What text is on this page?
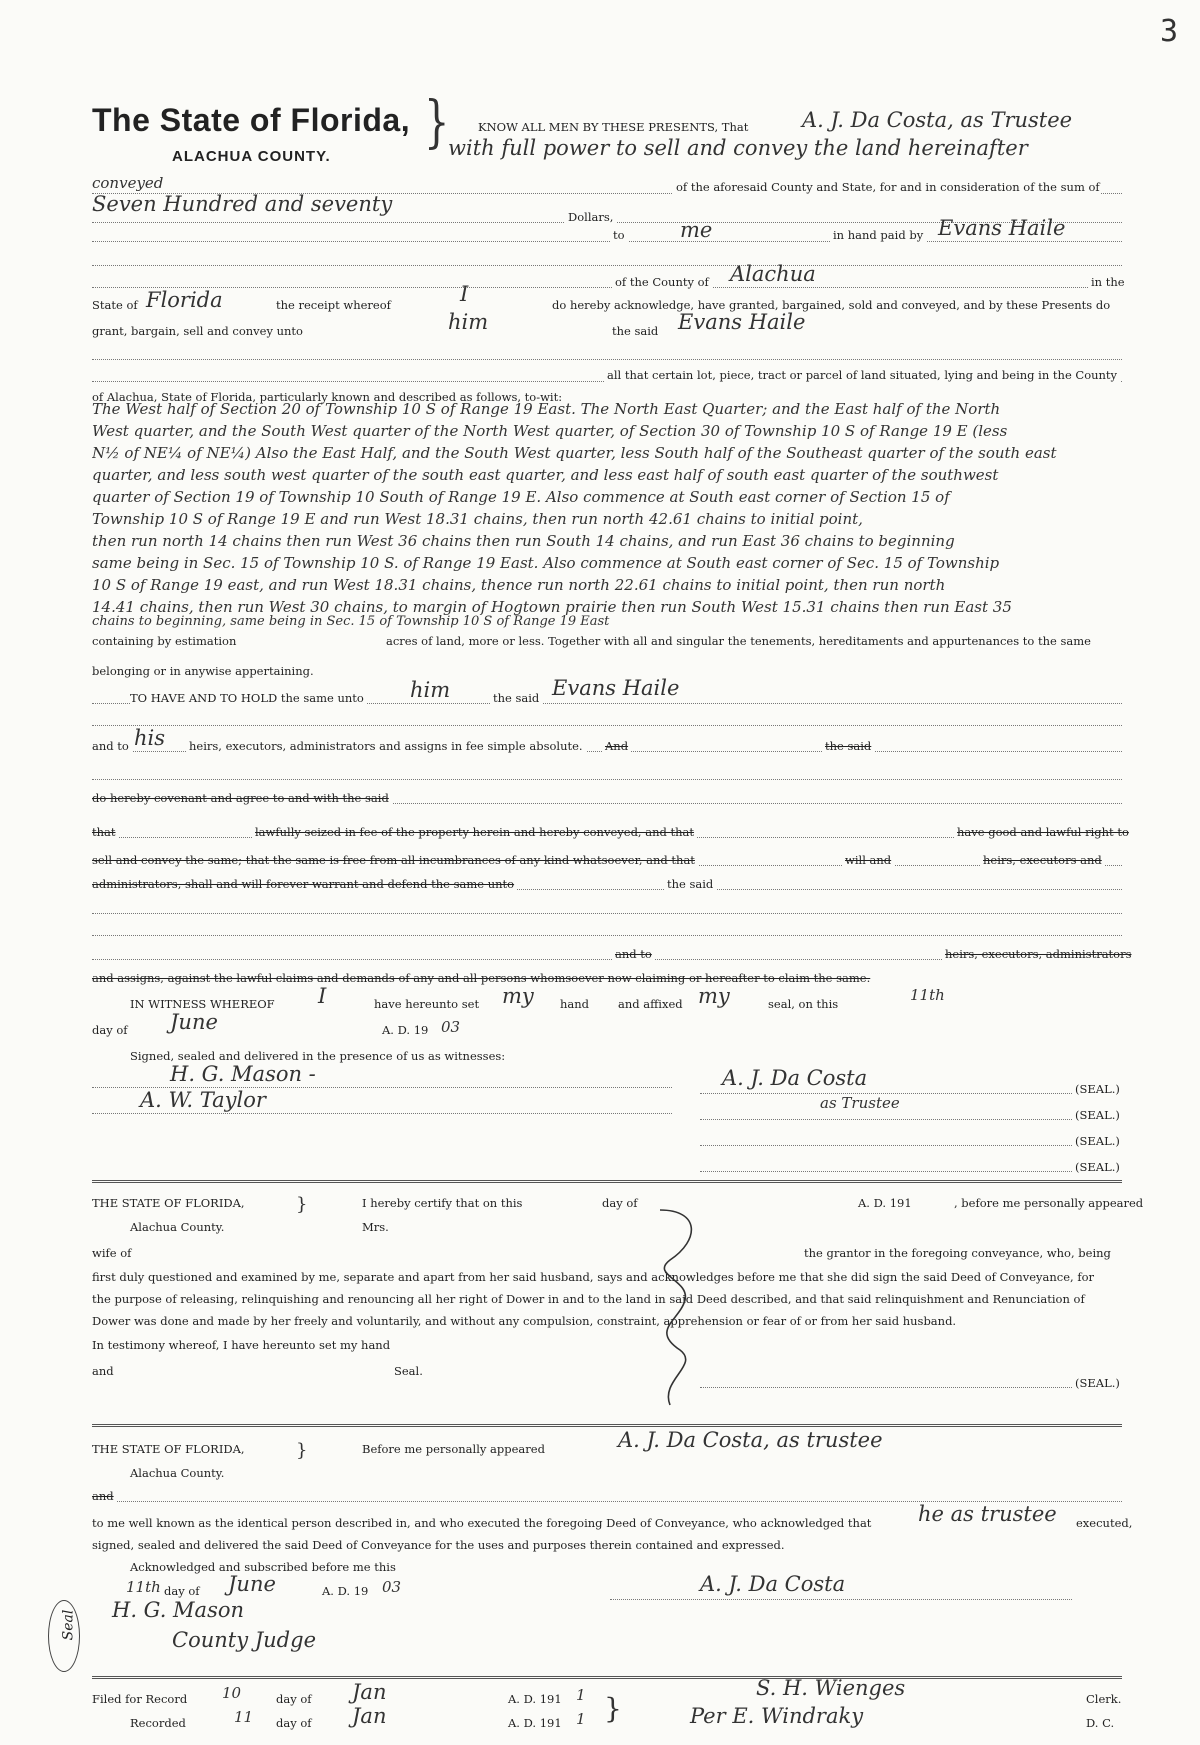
3
The State of Florida,
ALACHUA COUNTY.
} KNOW ALL MEN BY THESE PRESENTS, That	A. J. Da Costa, as Trustee
with full power to sell and convey the land hereinafter
conveyed	of the aforesaid County and State, for and in consideration of the sum of
Seven Hundred and seventy
Dollars,
to	me	in hand paid by Evans Haile
of the County of Alachua	in the
State of Florida	the receipt whereof	I	do hereby acknowledge, have granted, bargained, sold and conveyed, and by these Presents do
grant, bargain, sell and convey unto	him	the said Evans Haile
all that certain lot, piece, tract or parcel of land situated, lying and being in the County
of Alachua, State of Florida, particularly known and described as follows, to-wit:
The West half of Section 20 of Township 10 S of Range 19 East. The North East Quarter; and the East half of the North
West quarter, and the South West quarter of the North West quarter, of Section 30 of Township 10 S of Range 19 E (less
N½ of NE¼ of NE¼) Also the East Half, and the South West quarter, less South half of the Southeast quarter of the south east
quarter, and less south west quarter of the south east quarter, and less east half of south east quarter of the southwest
quarter of Section 19 of Township 10 South of Range 19 E. Also commence at South east corner of Section 15 of
Township 10 S of Range 19 E and run West 18.31 chains, then run north 42.61 chains to initial point,
then run north 14 chains then run West 36 chains then run South 14 chains, and run East 36 chains to beginning
same being in Sec. 15 of Township 10 S. of Range 19 East. Also commence at South east corner of Sec. 15 of Township
10 S of Range 19 east, and run West 18.31 chains, thence run north 22.61 chains to initial point, then run north
14.41 chains, then run West 30 chains, to margin of Hogtown prairie then run South West 15.31 chains then run East 35
chains to beginning, same being in Sec. 15 of Township 10 S of Range 19 East
containing by estimation	acres of land, more or less. Together with all and singular the tenements, hereditaments and appurtenances to the same
belonging or in anywise appertaining.
TO HAVE AND TO HOLD the same unto him	the said Evans Haile
and to his heirs, executors, administrators and assigns in fee simple absolute. And	the said
do hereby covenant and agree to and with the said
that	lawfully seized in fee of the property herein and hereby conveyed, and that	have good and lawful right to
sell and convey the same; that the same is free from all incumbrances of any kind whatsoever, and that	will and	heirs, executors and
administrators, shall and will forever warrant and defend the same unto	the said
and to	heirs, executors, administrators
and assigns, against the lawful claims and demands of any and all persons whomsoever now claiming or hereafter to claim the same.
IN WITNESS WHEREOF I	have hereunto set my hand	and affixed my	seal, on this	11th
day of June	A. D. 19 03
Signed, sealed and delivered in the presence of us as witnesses:
H. G. Mason -
A. W. Taylor
A. J. Da Costa
as Trustee
(SEAL.)
(SEAL.)
(SEAL.)
(SEAL.)
THE STATE OF FLORIDA,
Alachua County.
}	I hereby certify that on this	day of	A. D. 191	, before me personally appeared
Mrs.
wife of	the grantor in the foregoing conveyance, who, being
first duly questioned and examined by me, separate and apart from her said husband, says and acknowledges before me that she did sign the said Deed of Conveyance, for
the purpose of releasing, relinquishing and renouncing all her right of Dower in and to the land in said Deed described, and that said relinquishment and Renunciation of
Dower was done and made by her freely and voluntarily, and without any compulsion, constraint, apprehension or fear of or from her said husband.
In testimony whereof, I have hereunto set my hand
and	Seal.
(SEAL.)
THE STATE OF FLORIDA,
Alachua County.
}	Before me personally appeared	A. J. Da Costa, as trustee
and
to me well known as the identical person described in, and who executed the foregoing Deed of Conveyance, who acknowledged that he as trustee executed,
signed, sealed and delivered the said Deed of Conveyance for the uses and purposes therein contained and expressed.
Acknowledged and subscribed before me this
11th day of June	A. D. 19 03
H. G. Mason
County Judge
A. J. Da Costa
Seal
Filed for Record 10	day of Jan	A. D. 191 1
Recorded	11 day of Jan	A. D. 191 1 }
S. H. Wienges	Clerk.
Per E. Windraky	D. C.
